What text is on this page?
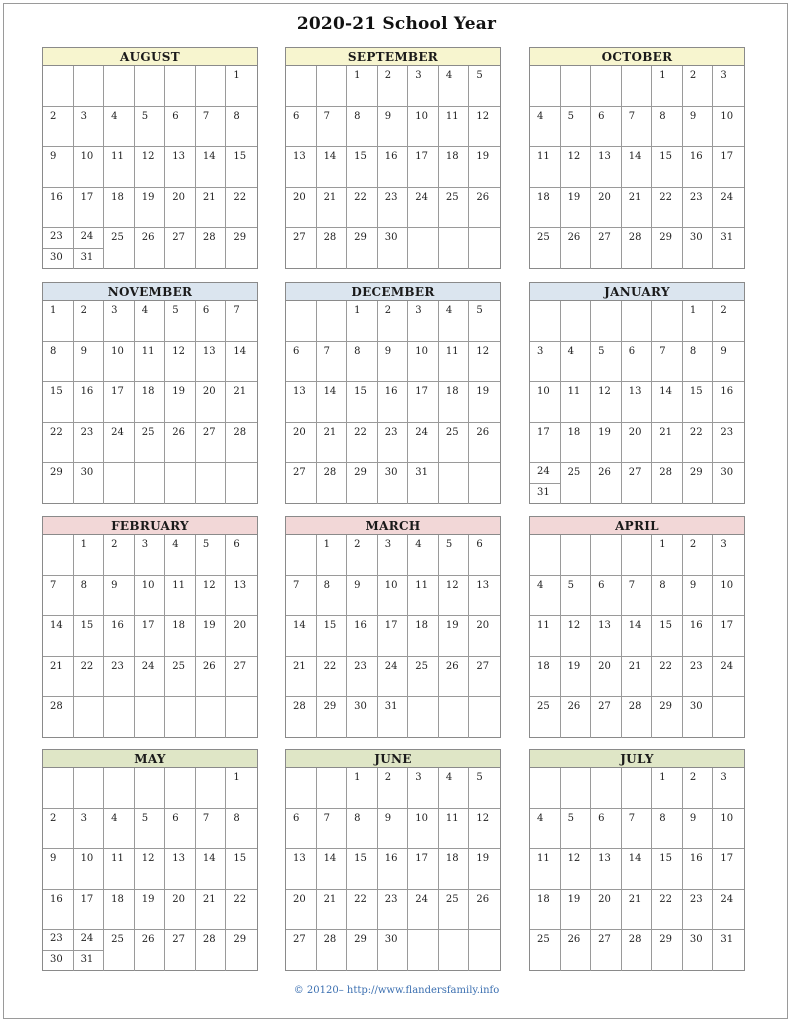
2020-21 School Year
AUGUST
1
2 3 4 5 6 7 8
9 10 11 12 13 14 15
16 17 18 19 20 21 22
23
30
24
31
25 26 27 28 29
SEPTEMBER
1 2 3 4 5
6 7 8 9 10 11 12
13 14 15 16 17 18 19
20 21 22 23 24 25 26
27 28 29 30
OCTOBER
1 2 3
4 5 6 7 8 9 10
11 12 13 14 15 16 17
18 19 20 21 22 23 24
25 26 27 28 29 30 31
NOVEMBER
1 2 3 4 5 6 7
8 9 10 11 12 13 14
15 16 17 18 19 20 21
22 23 24 25 26 27 28
29 30
DECEMBER
1 2 3 4 5
6 7 8 9 10 11 12
13 14 15 16 17 18 19
20 21 22 23 24 25 26
27 28 29 30 31
JANUARY
1 2
3 4 5 6 7 8 9
10 11 12 13 14 15 16
17 18 19 20 21 22 23
24
31
25 26 27 28 29 30
FEBRUARY
1 2 3 4 5 6
7 8 9 10 11 12 13
14 15 16 17 18 19 20
21 22 23 24 25 26 27
28
MARCH
1 2 3 4 5 6
7 8 9 10 11 12 13
14 15 16 17 18 19 20
21 22 23 24 25 26 27
28 29 30 31
APRIL
1 2 3
4 5 6 7 8 9 10
11 12 13 14 15 16 17
18 19 20 21 22 23 24
25 26 27 28 29 30
MAY
1
2 3 4 5 6 7 8
9 10 11 12 13 14 15
16 17 18 19 20 21 22
23
30
24
31
25 26 27 28 29
JUNE
1 2 3 4 5
6 7 8 9 10 11 12
13 14 15 16 17 18 19
20 21 22 23 24 25 26
27 28 29 30
JULY
1 2 3
4 5 6 7 8 9 10
11 12 13 14 15 16 17
18 19 20 21 22 23 24
25 26 27 28 29 30 31
© 20120– http://www.flandersfamily.info
